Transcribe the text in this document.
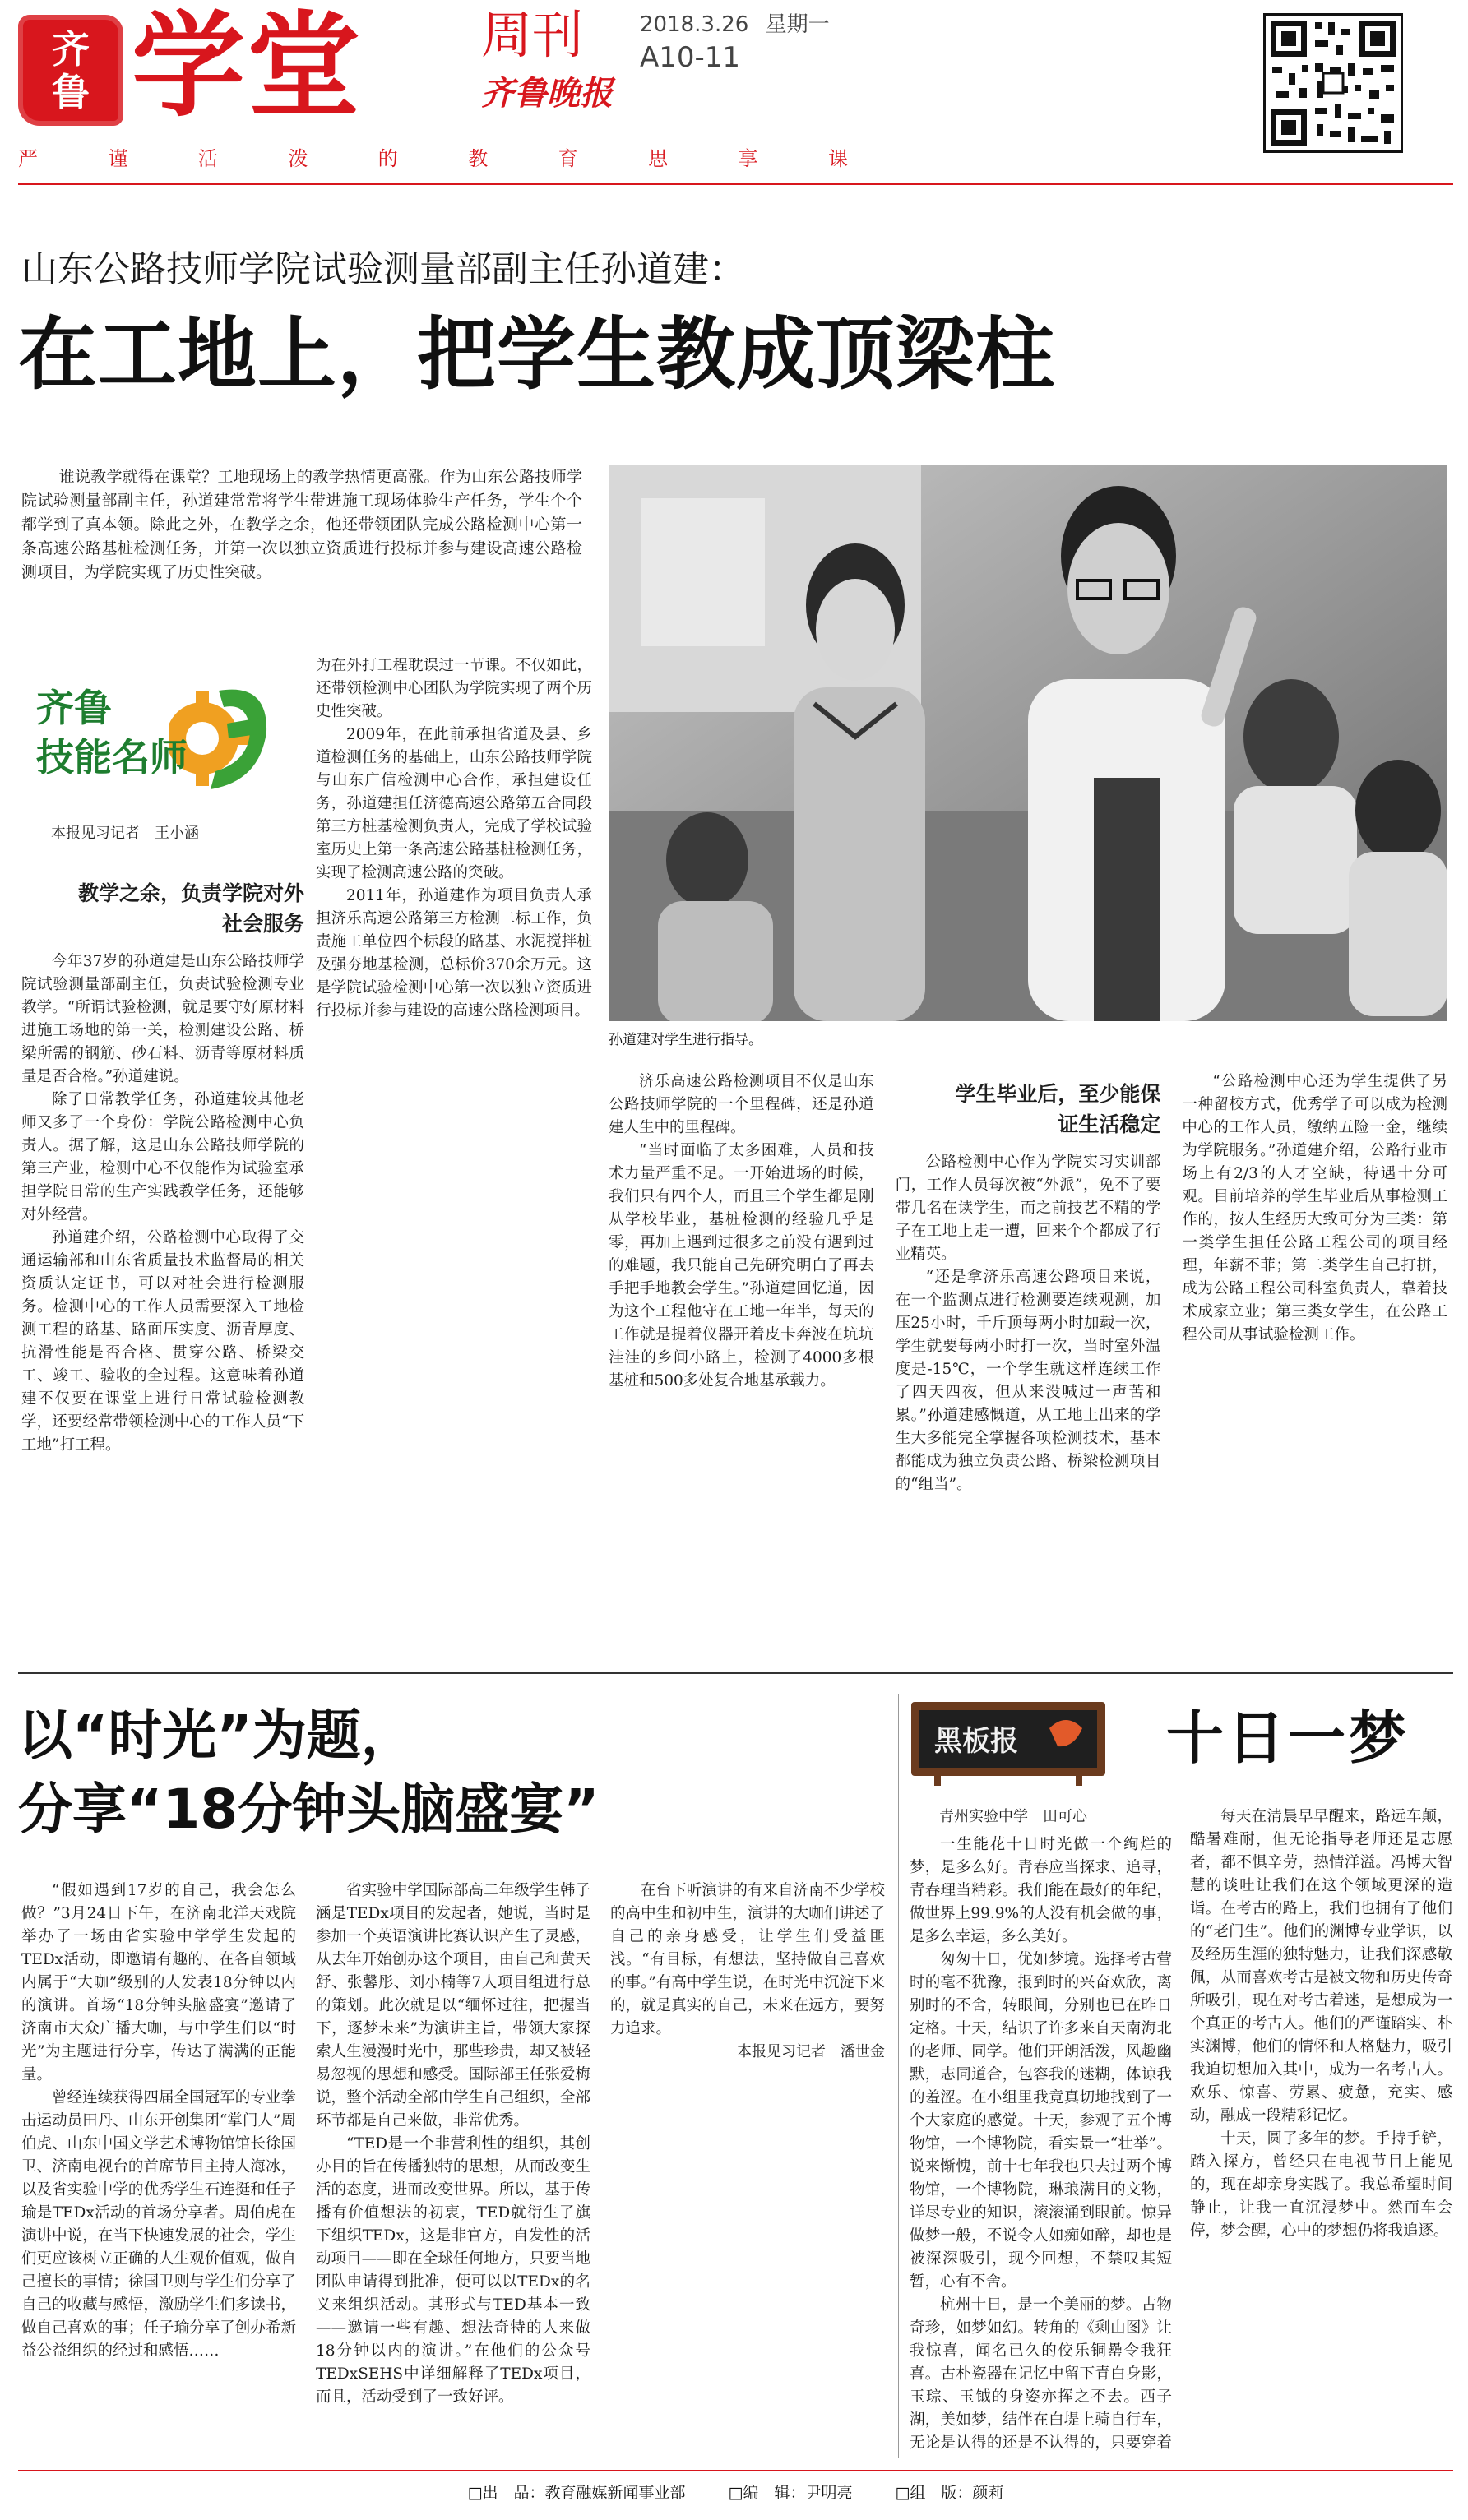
齐鲁 学堂 周刊
齐鲁晚报
2018.3.26 星期一
A10-11
严	谨	活	泼	的	教	育	思	享	课
山东公路技师学院试验测量部副主任孙道建：
在工地上，把学生教成顶梁柱
谁说教学就得在课堂？工地现场上的教学热情更高涨。作为山东公路技师学院试验测量部副主任，孙道建常常将学生带进施工现场体验生产任务，学生个个都学到了真本领。除此之外，在教学之余，他还带领团队完成公路检测中心第一条高速公路基桩检测任务，并第一次以独立资质进行投标并参与建设高速公路检测项目，为学院实现了历史性突破。
孙道建对学生进行指导。
齐鲁
技能名师

本报见习记者　王小涵

教学之余，负责学院对外社会服务

今年37岁的孙道建是山东公路技师学院试验测量部副主任，负责试验检测专业教学。“所谓试验检测，就是要守好原材料进施工场地的第一关，检测建设公路、桥梁所需的钢筋、砂石料、沥青等原材料质量是否合格。”孙道建说。

除了日常教学任务，孙道建较其他老师又多了一个身份：学院公路检测中心负责人。据了解，这是山东公路技师学院的第三产业，检测中心不仅能作为试验室承担学院日常的生产实践教学任务，还能够对外经营。

孙道建介绍，公路检测中心取得了交通运输部和山东省质量技术监督局的相关资质认定证书，可以对社会进行检测服务。检测中心的工作人员需要深入工地检测工程的路基、路面压实度、沥青厚度、抗滑性能是否合格、贯穿公路、桥梁交工、竣工、验收的全过程。这意味着孙道建不仅要在课堂上进行日常试验检测教学，还要经常带领检测中心的工作人员“下工地”打工程。

为在外打工程耽误过一节课。不仅如此，还带领检测中心团队为学院实现了两个历史性突破。

2009年，在此前承担省道及县、乡道检测任务的基础上，山东公路技师学院与山东广信检测中心合作，承担建设任务，孙道建担任济德高速公路第五合同段第三方桩基检测负责人，完成了学校试验室历史上第一条高速公路基桩检测任务，实现了检测高速公路的突破。

2011年，孙道建作为项目负责人承担济乐高速公路第三方检测二标工作，负责施工单位四个标段的路基、水泥搅拌桩及强夯地基检测，总标价370余万元。这是学院试验检测中心第一次以独立资质进行投标并参与建设的高速公路检测项目。

济乐高速公路检测项目不仅是山东公路技师学院的一个里程碑，还是孙道建人生中的里程碑。

“当时面临了太多困难，人员和技术力量严重不足。一开始进场的时候，我们只有四个人，而且三个学生都是刚从学校毕业，基桩检测的经验几乎是零，再加上遇到过很多之前没有遇到过的难题，我只能自己先研究明白了再去手把手地教会学生。”孙道建回忆道，因为这个工程他守在工地一年半，每天的工作就是提着仪器开着皮卡奔波在坑坑洼洼的乡间小路上，检测了4000多根基桩和500多处复合地基承载力。

学生毕业后，至少能保证生活稳定

公路检测中心作为学院实习实训部门，工作人员每次被“外派”，免不了要带几名在读学生，而之前技艺不精的学子在工地上走一遭，回来个个都成了行业精英。

“还是拿济乐高速公路项目来说，在一个监测点进行检测要连续观测，加压25小时，千斤顶每两小时加载一次，学生就要每两小时打一次，当时室外温度是-15℃，一个学生就这样连续工作了四天四夜，但从来没喊过一声苦和累。”孙道建感慨道，从工地上出来的学生大多能完全掌握各项检测技术，基本都能成为独立负责公路、桥梁检测项目的“组当”。

“公路检测中心还为学生提供了另一种留校方式，优秀学子可以成为检测中心的工作人员，缴纳五险一金，继续为学院服务。”孙道建介绍，公路行业市场上有2/3的人才空缺，待遇十分可观。目前培养的学生毕业后从事检测工作的，按人生经历大致可分为三类：第一类学生担任公路工程公司的项目经理，年薪不菲；第二类学生自己打拼，成为公路工程公司科室负责人，靠着技术成家立业；第三类女学生，在公路工程公司从事试验检测工作。

以“时光”为题，
分享“18分钟头脑盛宴”

“假如遇到17岁的自己，我会怎么做？”3月24日下午，在济南北洋天戏院举办了一场由省实验中学学生发起的TEDx活动，即邀请有趣的、在各自领域内属于“大咖”级别的人发表18分钟以内的演讲。首场“18分钟头脑盛宴”邀请了济南市大众广播大咖，与中学生们以“时光”为主题进行分享，传达了满满的正能量。

曾经连续获得四届全国冠军的专业拳击运动员田丹、山东开创集团“掌门人”周伯虎、山东中国文学艺术博物馆馆长徐国卫、济南电视台的首席节目主持人海冰，以及省实验中学的优秀学生石连挺和任子瑜是TEDx活动的首场分享者。周伯虎在演讲中说，在当下快速发展的社会，学生们更应该树立正确的人生观价值观，做自己擅长的事情；徐国卫则与学生们分享了自己的收藏与感悟，激励学生们多读书，做自己喜欢的事；任子瑜分享了创办希新益公益组织的经过和感悟……

省实验中学国际部高二年级学生韩子涵是TEDx项目的发起者，她说，当时是参加一个英语演讲比赛认识产生了灵感，从去年开始创办这个项目，由自己和黄天舒、张馨彤、刘小楠等7人项目组进行总的策划。此次就是以“缅怀过往，把握当下，逐梦未来”为演讲主旨，带领大家探索人生漫漫时光中，那些珍贵，却又被轻易忽视的思想和感受。国际部王任张爱梅说，整个活动全部由学生自己组织，全部环节都是自己来做，非常优秀。

“TED是一个非营利性的组织，其创办目的旨在传播独特的思想，从而改变生活的态度，进而改变世界。所以，基于传播有价值想法的初衷，TED就衍生了旗下组织TEDx，这是非官方，自发性的活动项目——即在全球任何地方，只要当地团队申请得到批准，便可以以TEDx的名义来组织活动。其形式与TED基本一致——邀请一些有趣、想法奇特的人来做18分钟以内的演讲。”在他们的公众号TEDxSEHS中详细解释了TEDx项目，而且，活动受到了一致好评。

在台下听演讲的有来自济南不少学校的高中生和初中生，演讲的大咖们讲述了自己的亲身感受，让学生们受益匪浅。“有目标，有想法，坚持做自己喜欢的事。”有高中学生说，在时光中沉淀下来的，就是真实的自己，未来在远方，要努力追求。

本报见习记者　潘世金

黑板报	十日一梦

青州实验中学　田可心

一生能花十日时光做一个绚烂的梦，是多么好。青春应当探求、追寻，青春理当精彩。我们能在最好的年纪，做世界上99.9%的人没有机会做的事，是多么幸运，多么美好。

匆匆十日，优如梦境。选择考古营时的毫不犹豫，报到时的兴奋欢欣，离别时的不舍，转眼间，分别也已在昨日定格。十天，结识了许多来自天南海北的老师、同学。他们开朗活泼，风趣幽默，志同道合，包容我的迷糊，体谅我的羞涩。在小组里我竟真切地找到了一个大家庭的感觉。十天，参观了五个博物馆，一个博物院，看实景一“壮举”。说来惭愧，前十七年我也只去过两个博物馆，一个博物院，琳琅满目的文物，详尽专业的知识，滚滚涌到眼前。惊异做梦一般，不说令人如痴如醉，却也是被深深吸引，现今回想，不禁叹其短暂，心有不舍。

杭州十日，是一个美丽的梦。古物奇珍，如梦如幻。转角的《剩山图》让我惊喜，闻名已久的佼乐铜罍令我狂喜。古朴瓷器在记忆中留下青白身影，玉琮、玉钺的身姿亦挥之不去。西子湖，美如梦，结伴在白堤上骑自行车，无论是认得的还是不认得的，只要穿着

每天在清晨早早醒来，路远车颠，酷暑难耐，但无论指导老师还是志愿者，都不惧辛劳，热情洋溢。冯博大智慧的谈吐让我们在这个领域更深的造诣。在考古的路上，我们也拥有了他们的“老门生”。他们的渊博专业学识，以及经历生涯的独特魅力，让我们深感敬佩，从而喜欢考古是被文物和历史传奇所吸引，现在对考古着迷，是想成为一个真正的考古人。他们的严谨踏实、朴实渊博，他们的情怀和人格魅力，吸引我迫切想加入其中，成为一名考古人。欢乐、惊喜、劳累、疲惫，充实、感动，融成一段精彩记忆。

十天，圆了多年的梦。手持手铲，踏入探方，曾经只在电视节目上能见的，现在却亲身实践了。我总希望时间静止，让我一直沉浸梦中。然而车会停，梦会醒，心中的梦想仍将我追逐。

□出　品：教育融媒新闻事业部	□编　辑：尹明亮	□组　版：颜莉
